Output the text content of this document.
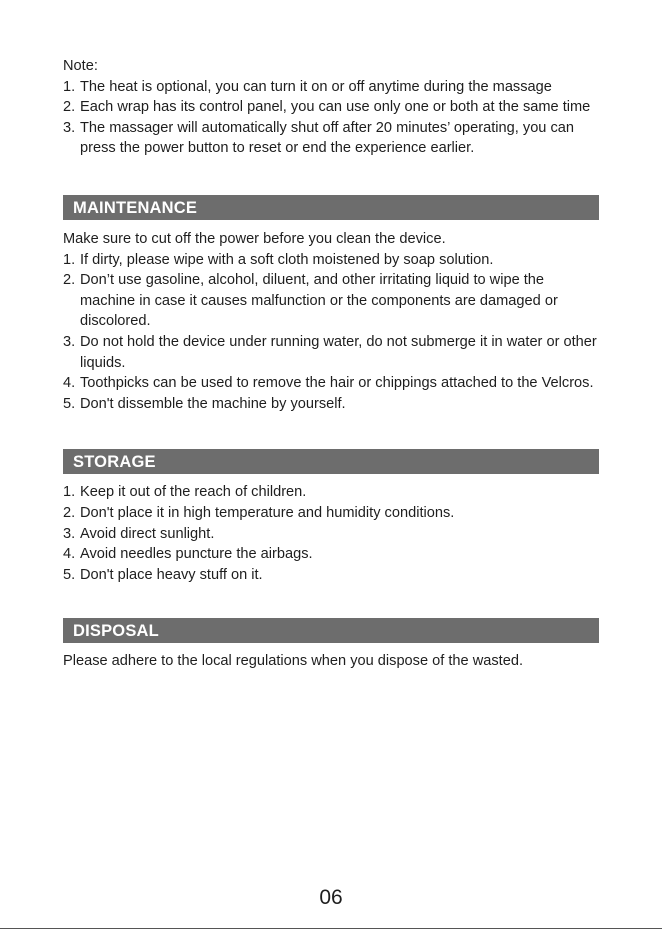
Note:
1. The heat is optional, you can turn it on or off anytime during the massage
2. Each wrap has its control panel, you can use only one or both at the same time
3. The massager will automatically shut off after 20 minutes’ operating, you can press the power button to reset or end the experience earlier.
MAINTENANCE
Make sure to cut off the power before you clean the device.
1. If dirty, please wipe with a soft cloth moistened by soap solution.
2. Don’t use gasoline, alcohol, diluent, and other irritating liquid to wipe the machine in case it causes malfunction or the components are damaged or discolored.
3. Do not hold the device under running water, do not submerge it in water or other liquids.
4. Toothpicks can be used to remove the hair or chippings attached to the Velcros.
5. Don't dissemble the machine by yourself.
STORAGE
1. Keep it out of the reach of children.
2. Don't place it in high temperature and humidity conditions.
3. Avoid direct sunlight.
4. Avoid needles puncture the airbags.
5. Don't place heavy stuff on it.
DISPOSAL
Please adhere to the local regulations when you dispose of the wasted.
06
